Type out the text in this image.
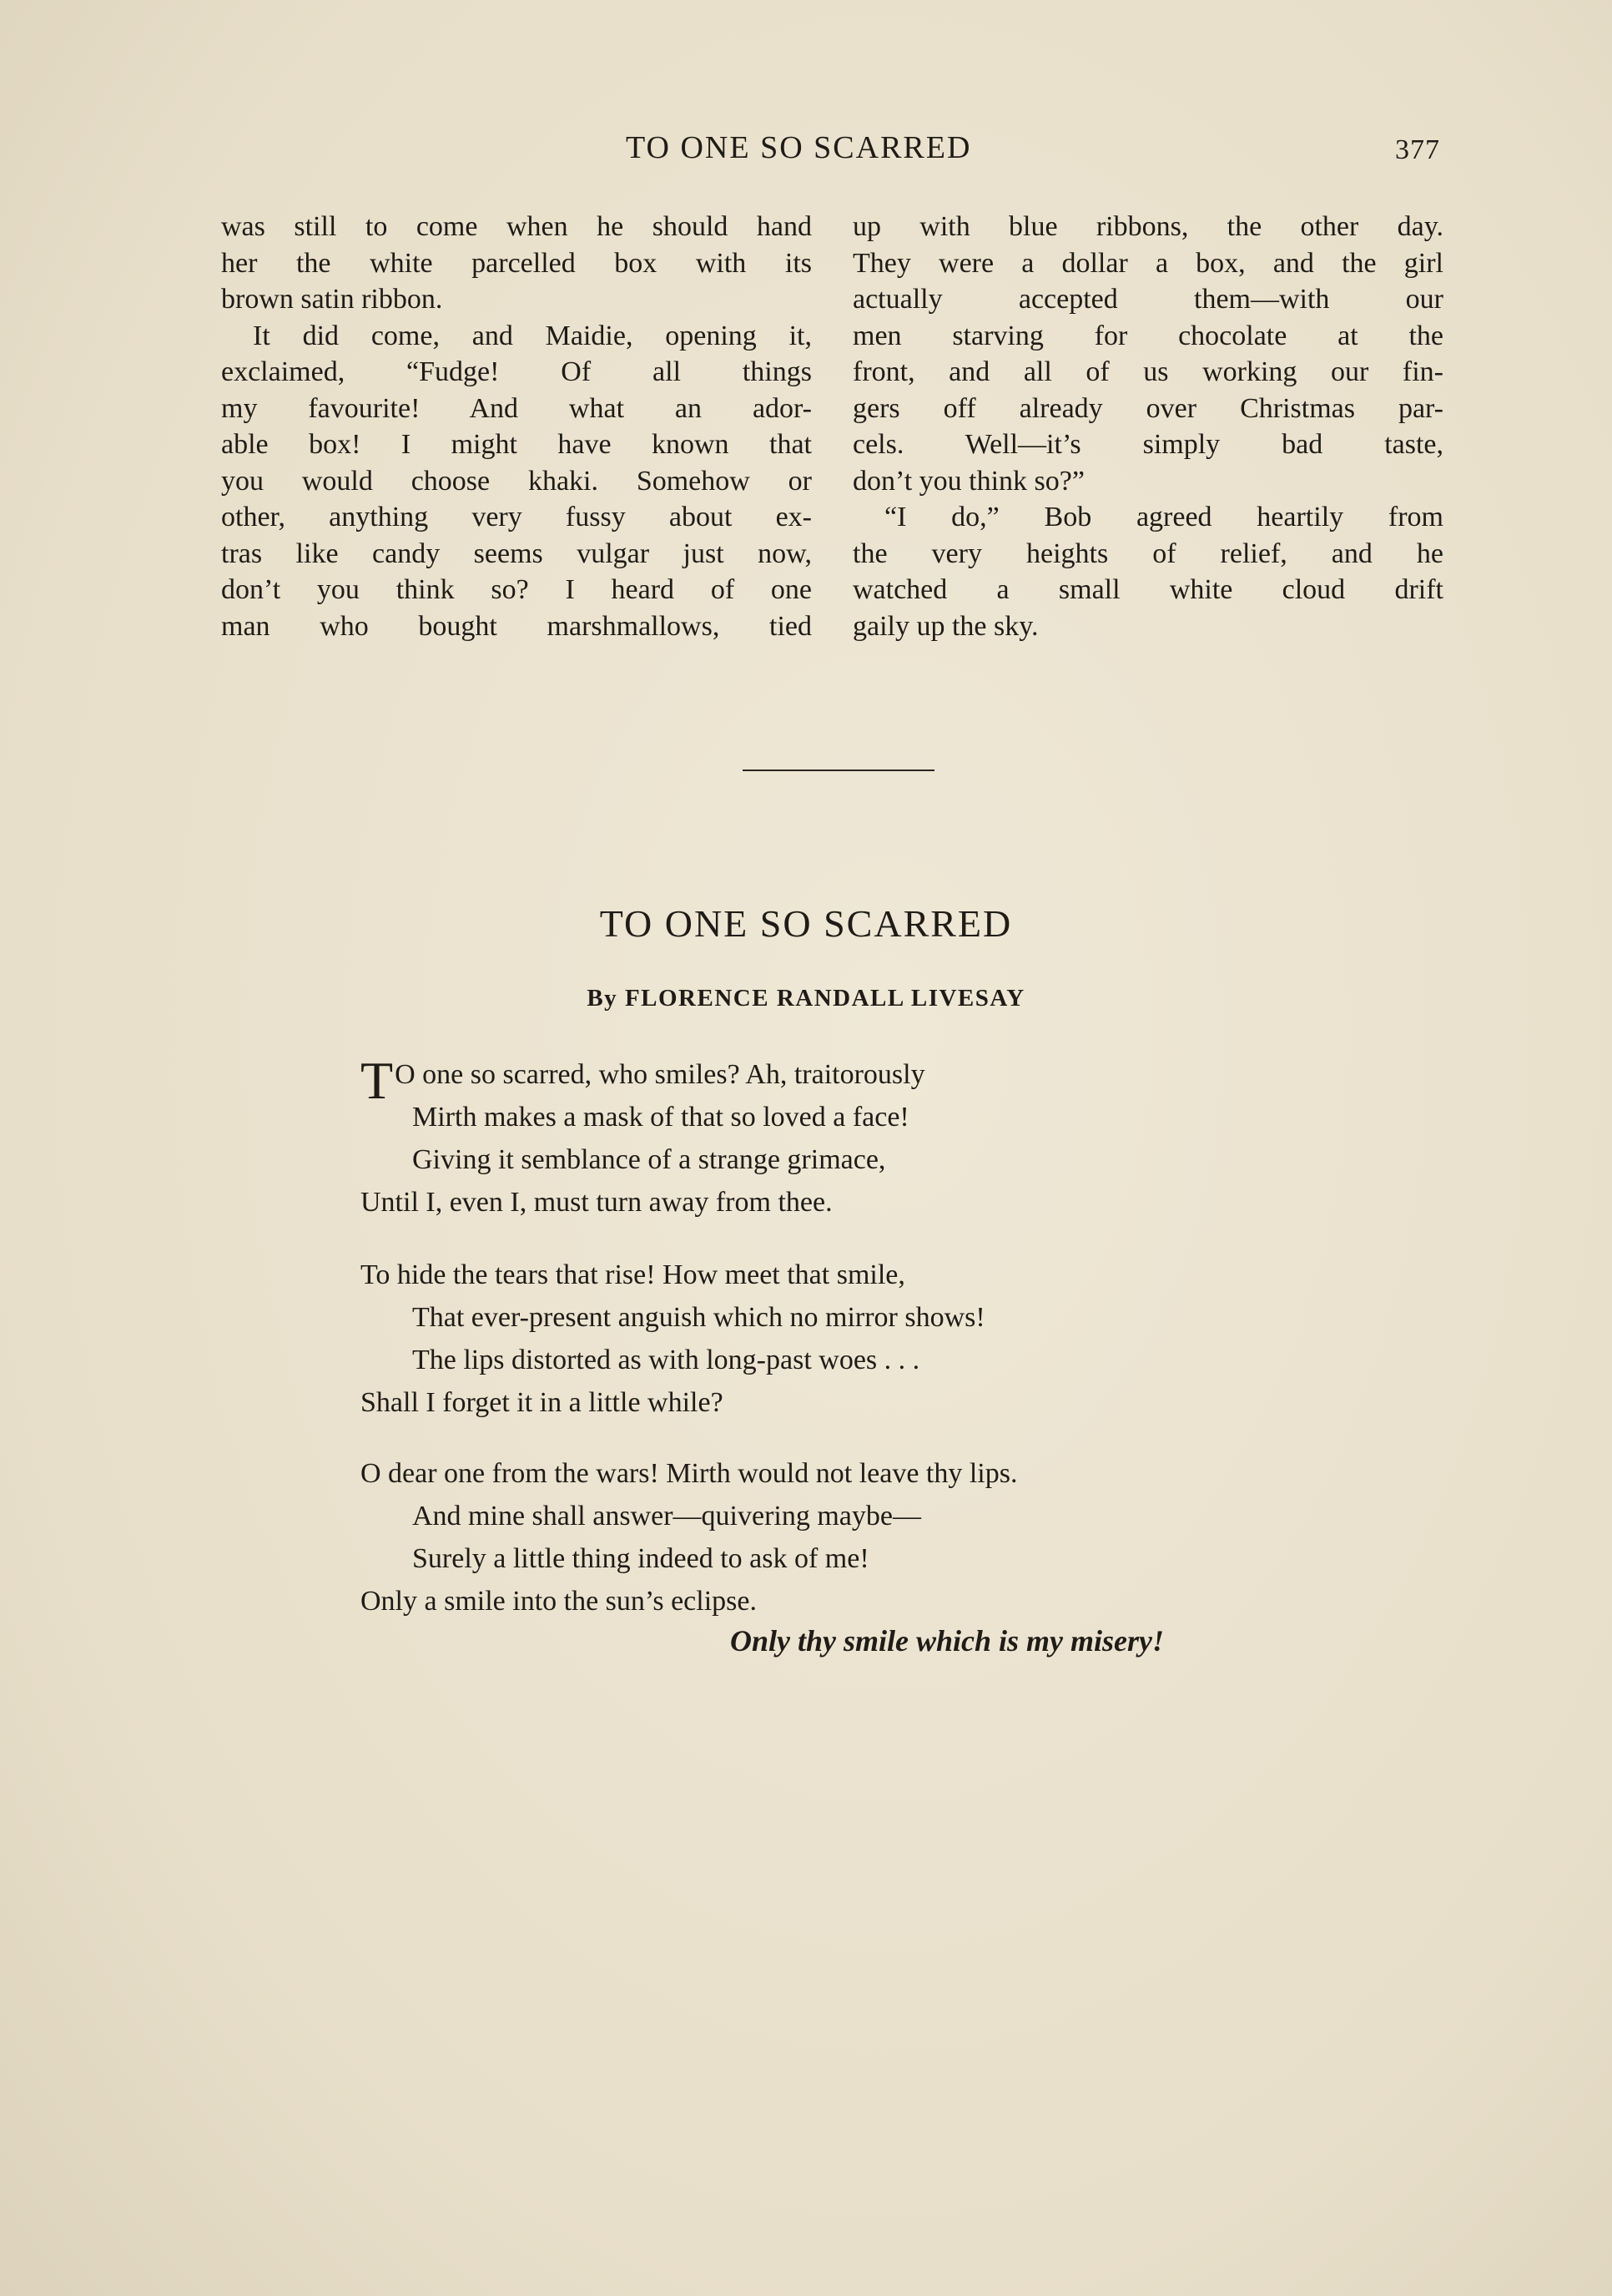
TO ONE SO SCARRED	377

was still to come when he should hand
her the white parcelled box with its
brown satin ribbon.

It did come, and Maidie, opening it,
exclaimed, “Fudge! Of all things
my favourite! And what an ador-
able box! I might have known that
you would choose khaki. Somehow or
other, anything very fussy about ex-
tras like candy seems vulgar just now,
don’t you think so? I heard of one
man who bought marshmallows, tied

up with blue ribbons, the other day.
They were a dollar a box, and the girl
actually accepted them—with our
men starving for chocolate at the
front, and all of us working our fin-
gers off already over Christmas par-
cels. Well—it’s simply bad taste,
don’t you think so?”

“I do,” Bob agreed heartily from
the very heights of relief, and he
watched a small white cloud drift
gaily up the sky.

TO ONE SO SCARRED
By FLORENCE RANDALL LIVESAY
TO one so scarred, who smiles? Ah, traitorously
Mirth makes a mask of that so loved a face!
Giving it semblance of a strange grimace,
Until I, even I, must turn away from thee.
To hide the tears that rise! How meet that smile,
That ever-present anguish which no mirror shows!
The lips distorted as with long-past woes . . .
Shall I forget it in a little while?
O dear one from the wars! Mirth would not leave thy lips.
And mine shall answer—quivering maybe—
Surely a little thing indeed to ask of me!
Only a smile into the sun’s eclipse.
Only thy smile which is my misery!
